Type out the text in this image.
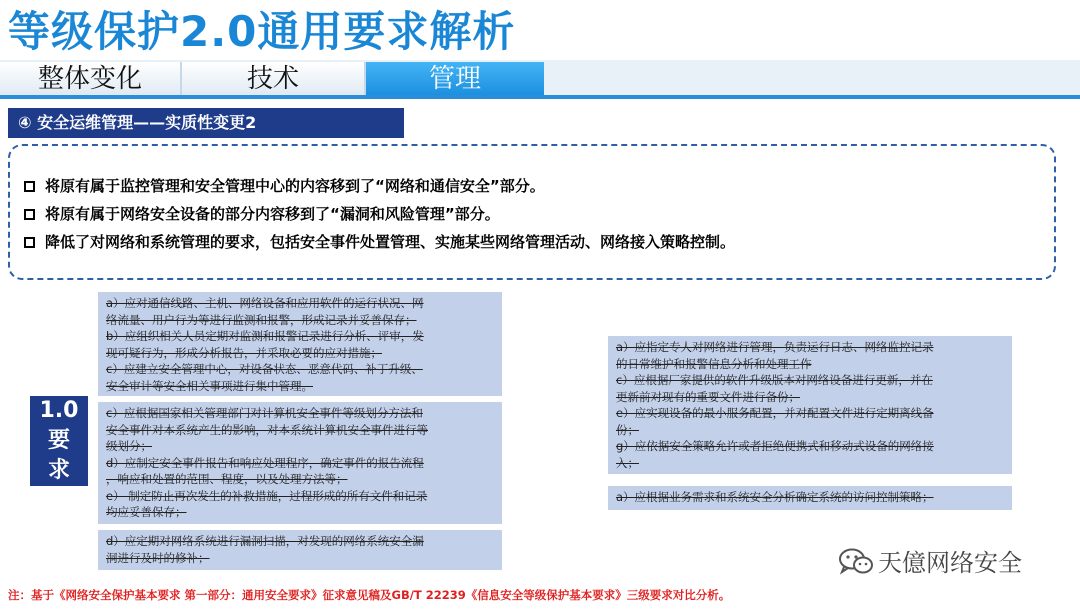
等级保护2.0通用要求解析
整体变化	技术	管理
④ 安全运维管理——实质性变更2
将原有属于监控管理和安全管理中心的内容移到了“网络和通信安全”部分。
将原有属于网络安全设备的部分内容移到了“漏洞和风险管理”部分。
降低了对网络和系统管理的要求，包括安全事件处置管理、实施某些网络管理活动、网络接入策略控制。
1.0
要
求

a）应对通信线路、主机、网络设备和应用软件的运行状况、网

络流量、用户行为等进行监测和报警，形成记录并妥善保存；

b）应组织相关人员定期对监测和报警记录进行分析、评审，发

现可疑行为，形成分析报告，并采取必要的应对措施；

c）应建立安全管理中心，对设备状态、恶意代码、补丁升级、

安全审计等安全相关事项进行集中管理。

c）应根据国家相关管理部门对计算机安全事件等级划分方法和

安全事件对本系统产生的影响，对本系统计算机安全事件进行等

级划分；

d）应制定安全事件报告和响应处理程序，确定事件的报告流程

，响应和处置的范围、程度，以及处理方法等；

e） 制定防止再次发生的补救措施，过程形成的所有文件和记录

均应妥善保存；

d）应定期对网络系统进行漏洞扫描，对发现的网络系统安全漏

洞进行及时的修补；

a）应指定专人对网络进行管理，负责运行日志、网络监控记录

的日常维护和报警信息分析和处理工作

c）应根据厂家提供的软件升级版本对网络设备进行更新，并在

更新前对现有的重要文件进行备份；

e）应实现设备的最小服务配置，并对配置文件进行定期离线备

份；

g）应依据安全策略允许或者拒绝便携式和移动式设备的网络接

入；

a）应根据业务需求和系统安全分析确定系统的访问控制策略；

天億网络安全
注：基于《网络安全保护基本要求 第一部分：通用安全要求》征求意见稿及GB/T 22239《信息安全等级保护基本要求》三级要求对比分析。
